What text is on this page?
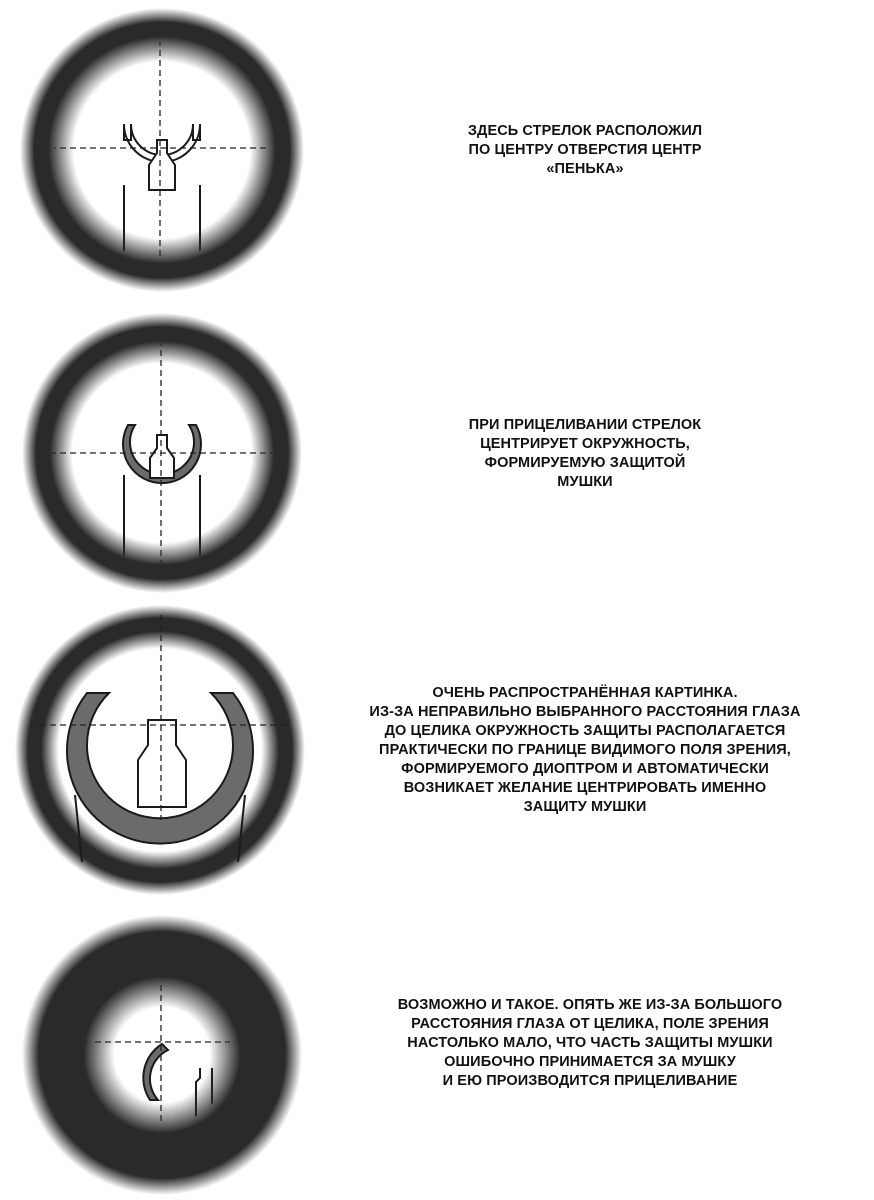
ЗДЕСЬ СТРЕЛОК РАСПОЛОЖИЛ
ПО ЦЕНТРУ ОТВЕРСТИЯ ЦЕНТР
«ПЕНЬКА»
ПРИ ПРИЦЕЛИВАНИИ СТРЕЛОК
ЦЕНТРИРУЕТ ОКРУЖНОСТЬ,
ФОРМИРУЕМУЮ ЗАЩИТОЙ
МУШКИ
ОЧЕНЬ РАСПРОСТРАНЁННАЯ КАРТИНКА.
ИЗ-ЗА НЕПРАВИЛЬНО ВЫБРАННОГО РАССТОЯНИЯ ГЛАЗА
ДО ЦЕЛИКА ОКРУЖНОСТЬ ЗАЩИТЫ РАСПОЛАГАЕТСЯ
ПРАКТИЧЕСКИ ПО ГРАНИЦЕ ВИДИМОГО ПОЛЯ ЗРЕНИЯ,
ФОРМИРУЕМОГО ДИОПТРОМ И АВТОМАТИЧЕСКИ
ВОЗНИКАЕТ ЖЕЛАНИЕ ЦЕНТРИРОВАТЬ ИМЕННО
ЗАЩИТУ МУШКИ
ВОЗМОЖНО И ТАКОЕ. ОПЯТЬ ЖЕ ИЗ-ЗА БОЛЬШОГО
РАССТОЯНИЯ ГЛАЗА ОТ ЦЕЛИКА, ПОЛЕ ЗРЕНИЯ
НАСТОЛЬКО МАЛО, ЧТО ЧАСТЬ ЗАЩИТЫ МУШКИ
ОШИБОЧНО ПРИНИМАЕТСЯ ЗА МУШКУ
И ЕЮ ПРОИЗВОДИТСЯ ПРИЦЕЛИВАНИЕ
